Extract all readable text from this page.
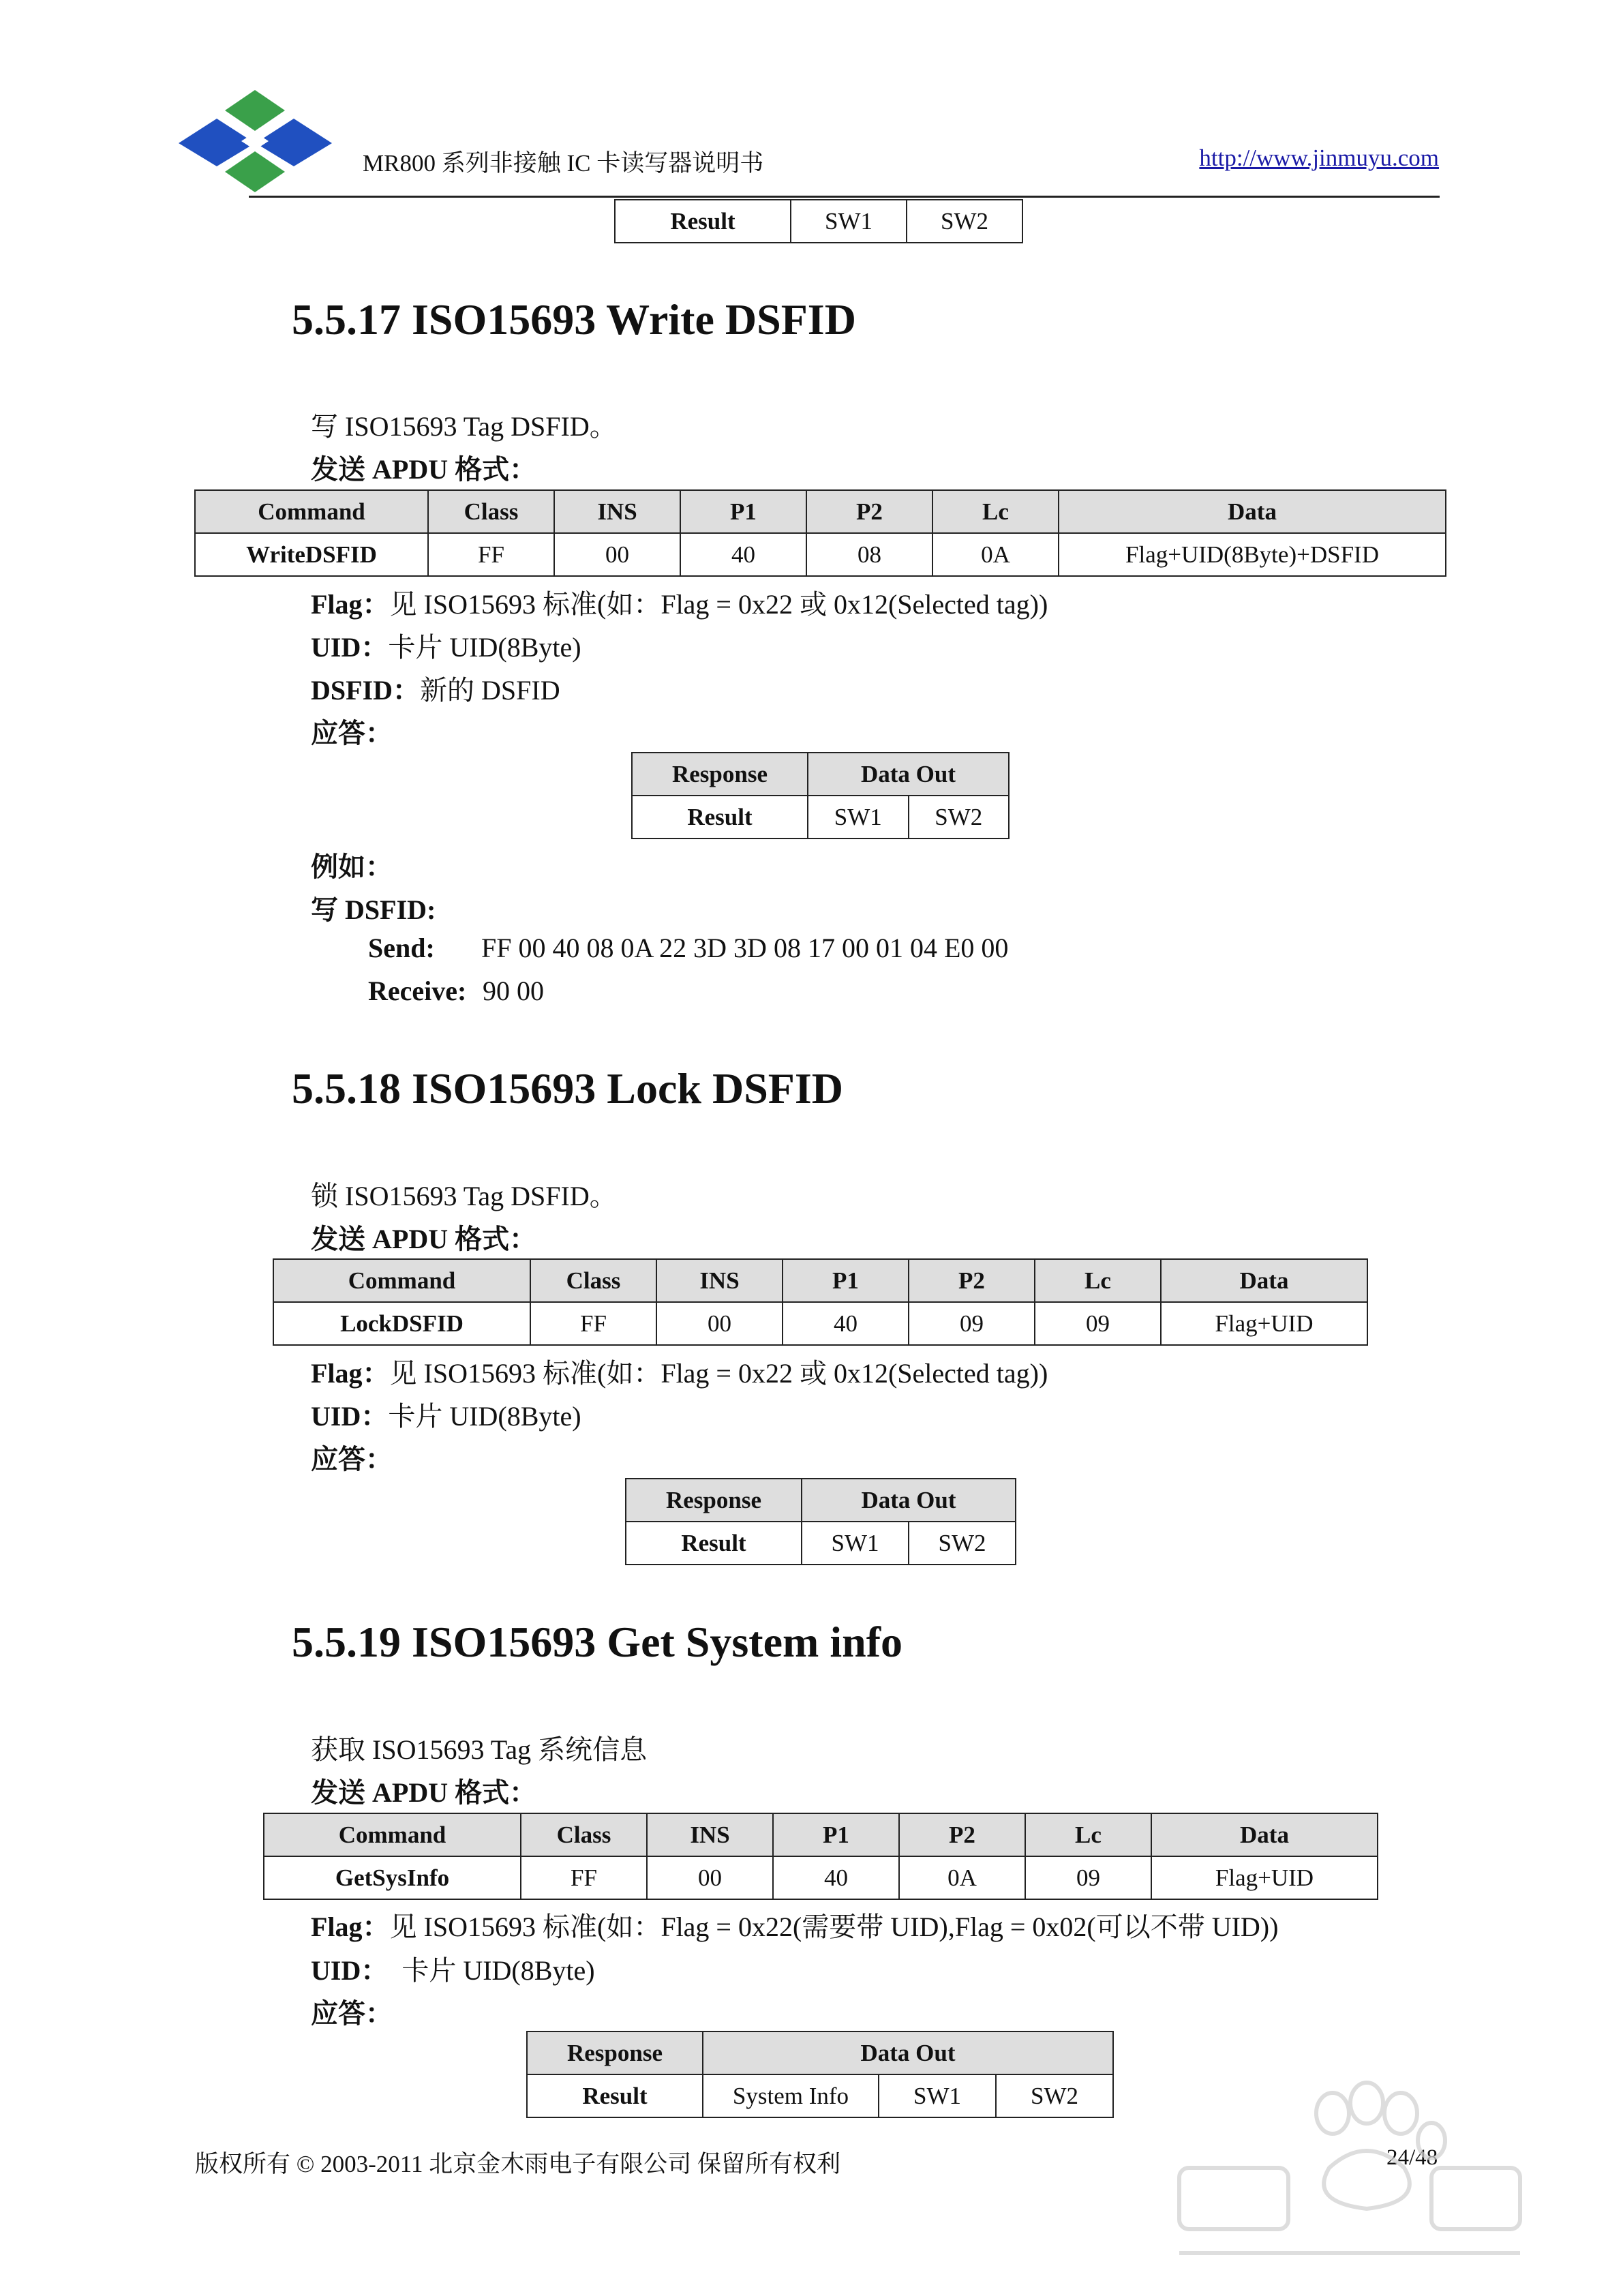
MR800 系列非接触 IC 卡读写器说明书	http://www.jinmuyu.com
Result	SW1	SW2
5.5.17 ISO15693 Write DSFID
写 ISO15693 Tag DSFID。
发送 APDU 格式：
Command	Class	INS	P1	P2	Lc	Data
WriteDSFID	FF	00	40	08	0A	Flag+UID(8Byte)+DSFID
Flag：见 ISO15693 标准(如：Flag = 0x22 或 0x12(Selected tag))
UID：卡片 UID(8Byte)
DSFID：新的 DSFID
应答：
Response	Data Out	
Result	SW1	SW2
例如：
写 DSFID:
Send: FF 00 40 08 0A 22 3D 3D 08 17 00 01 04 E0 00
Receive: 90 00
5.5.18 ISO15693 Lock DSFID
锁 ISO15693 Tag DSFID。
发送 APDU 格式：
Command	Class	INS	P1	P2	Lc	Data
LockDSFID	FF	00	40	09	09	Flag+UID
Flag：见 ISO15693 标准(如：Flag = 0x22 或 0x12(Selected tag))
UID：卡片 UID(8Byte)
应答：
Response	Data Out	
Result	SW1	SW2
5.5.19 ISO15693 Get System info
获取 ISO15693 Tag 系统信息
发送 APDU 格式：
Command	Class	INS	P1	P2	Lc	Data
GetSysInfo	FF	00	40	0A	09	Flag+UID
Flag：见 ISO15693 标准(如：Flag = 0x22(需要带 UID),Flag = 0x02(可以不带 UID))
UID：  卡片 UID(8Byte)
应答：
Response	Data Out		
Result	System Info	SW1	SW2
版权所有 © 2003-2011 北京金木雨电子有限公司 保留所有权利	24/48
